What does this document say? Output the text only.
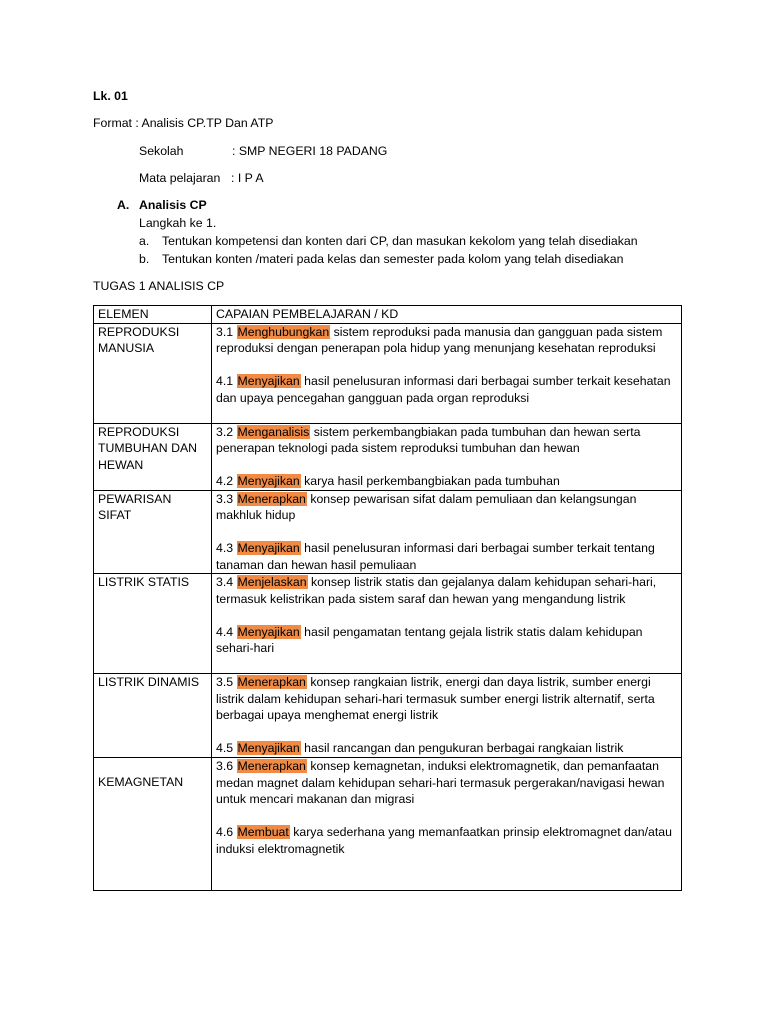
Lk. 01
Format : Analisis CP.TP Dan ATP
Sekolah	: SMP NEGERI 18 PADANG
Mata pelajaran : I P A
A. Analisis CP
Langkah ke 1.
a. Tentukan kompetensi dan konten dari CP, dan masukan kekolom yang telah disediakan
b. Tentukan konten /materi pada kelas dan semester pada kolom yang telah disediakan
TUGAS 1 ANALISIS CP
ELEMEN	CAPAIAN PEMBELAJARAN / KD
REPRODUKSI MANUSIA	3.1 Menghubungkan sistem reproduksi pada manusia dan gangguan pada sistem reproduksi dengan penerapan pola hidup yang menunjang kesehatan reproduksi

4.1 Menyajikan hasil penelusuran informasi dari berbagai sumber terkait kesehatan dan upaya pencegahan gangguan pada organ reproduksi

REPRODUKSI TUMBUHAN DAN HEWAN	3.2 Menganalisis sistem perkembangbiakan pada tumbuhan dan hewan serta penerapan teknologi pada sistem reproduksi tumbuhan dan hewan

4.2 Menyajikan karya hasil perkembangbiakan pada tumbuhan

PEWARISAN SIFAT	3.3 Menerapkan konsep pewarisan sifat dalam pemuliaan dan kelangsungan makhluk hidup

4.3 Menyajikan hasil penelusuran informasi dari berbagai sumber terkait tentang tanaman dan hewan hasil pemuliaan

LISTRIK STATIS	3.4 Menjelaskan konsep listrik statis dan gejalanya dalam kehidupan sehari-hari, termasuk kelistrikan pada sistem saraf dan hewan yang mengandung listrik

4.4 Menyajikan hasil pengamatan tentang gejala listrik statis dalam kehidupan sehari-hari

LISTRIK DINAMIS	3.5 Menerapkan konsep rangkaian listrik, energi dan daya listrik, sumber energi listrik dalam kehidupan sehari-hari termasuk sumber energi listrik alternatif, serta berbagai upaya menghemat energi listrik

4.5 Menyajikan hasil rancangan dan pengukuran berbagai rangkaian listrik

KEMAGNETAN	3.6 Menerapkan konsep kemagnetan, induksi elektromagnetik, dan pemanfaatan medan magnet dalam kehidupan sehari-hari termasuk pergerakan/navigasi hewan untuk mencari makanan dan migrasi

4.6 Membuat karya sederhana yang memanfaatkan prinsip elektromagnet dan/atau induksi elektromagnetik
